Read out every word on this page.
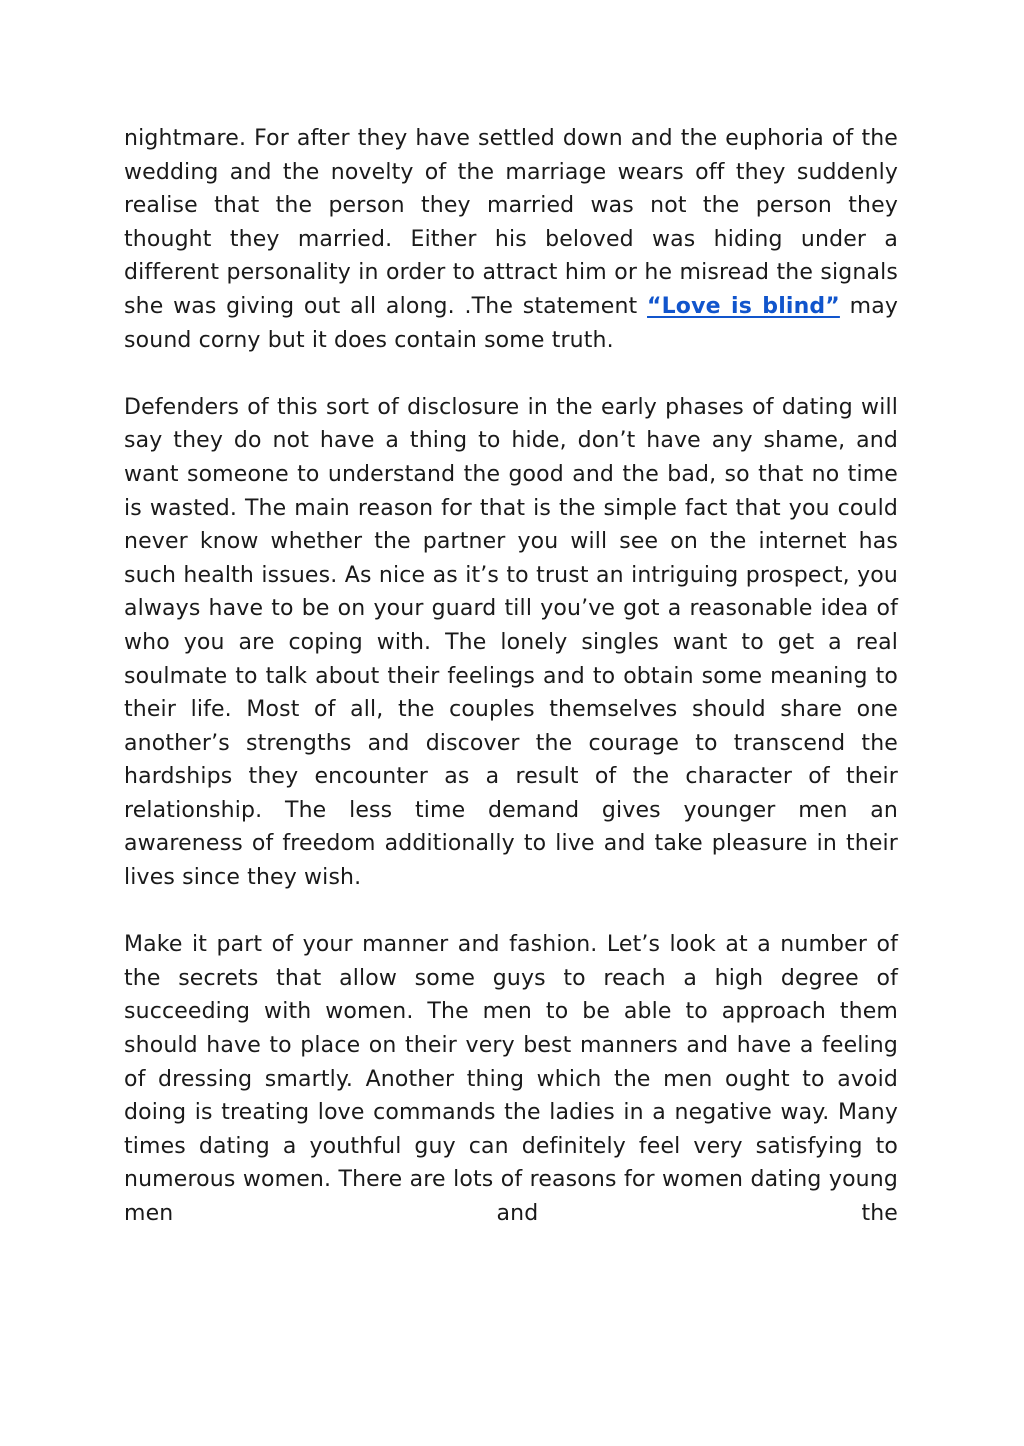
nightmare. For after they have settled down and the euphoria of the wedding and the novelty of the marriage wears off they suddenly realise that the person they married was not the person they thought they married. Either his beloved was hiding under a different personality in order to attract him or he misread the signals she was giving out all along. .The statement “Love is blind” may sound corny but it does contain some truth.

Defenders of this sort of disclosure in the early phases of dating will say they do not have a thing to hide, don’t have any shame, and want someone to understand the good and the bad, so that no time is wasted. The main reason for that is the simple fact that you could never know whether the partner you will see on the internet has such health issues. As nice as it’s to trust an intriguing prospect, you always have to be on your guard till you’ve got a reasonable idea of who you are coping with. The lonely singles want to get a real soulmate to talk about their feelings and to obtain some meaning to their life. Most of all, the couples themselves should share one another’s strengths and discover the courage to transcend the hardships they encounter as a result of the character of their relationship. The less time demand gives younger men an awareness of freedom additionally to live and take pleasure in their lives since they wish.

Make it part of your manner and fashion. Let’s look at a number of the secrets that allow some guys to reach a high degree of succeeding with women. The men to be able to approach them should have to place on their very best manners and have a feeling of dressing smartly. Another thing which the men ought to avoid doing is treating love commands the ladies in a negative way. Many times dating a youthful guy can definitely feel very satisfying to numerous women. There are lots of reasons for women dating young men and the
